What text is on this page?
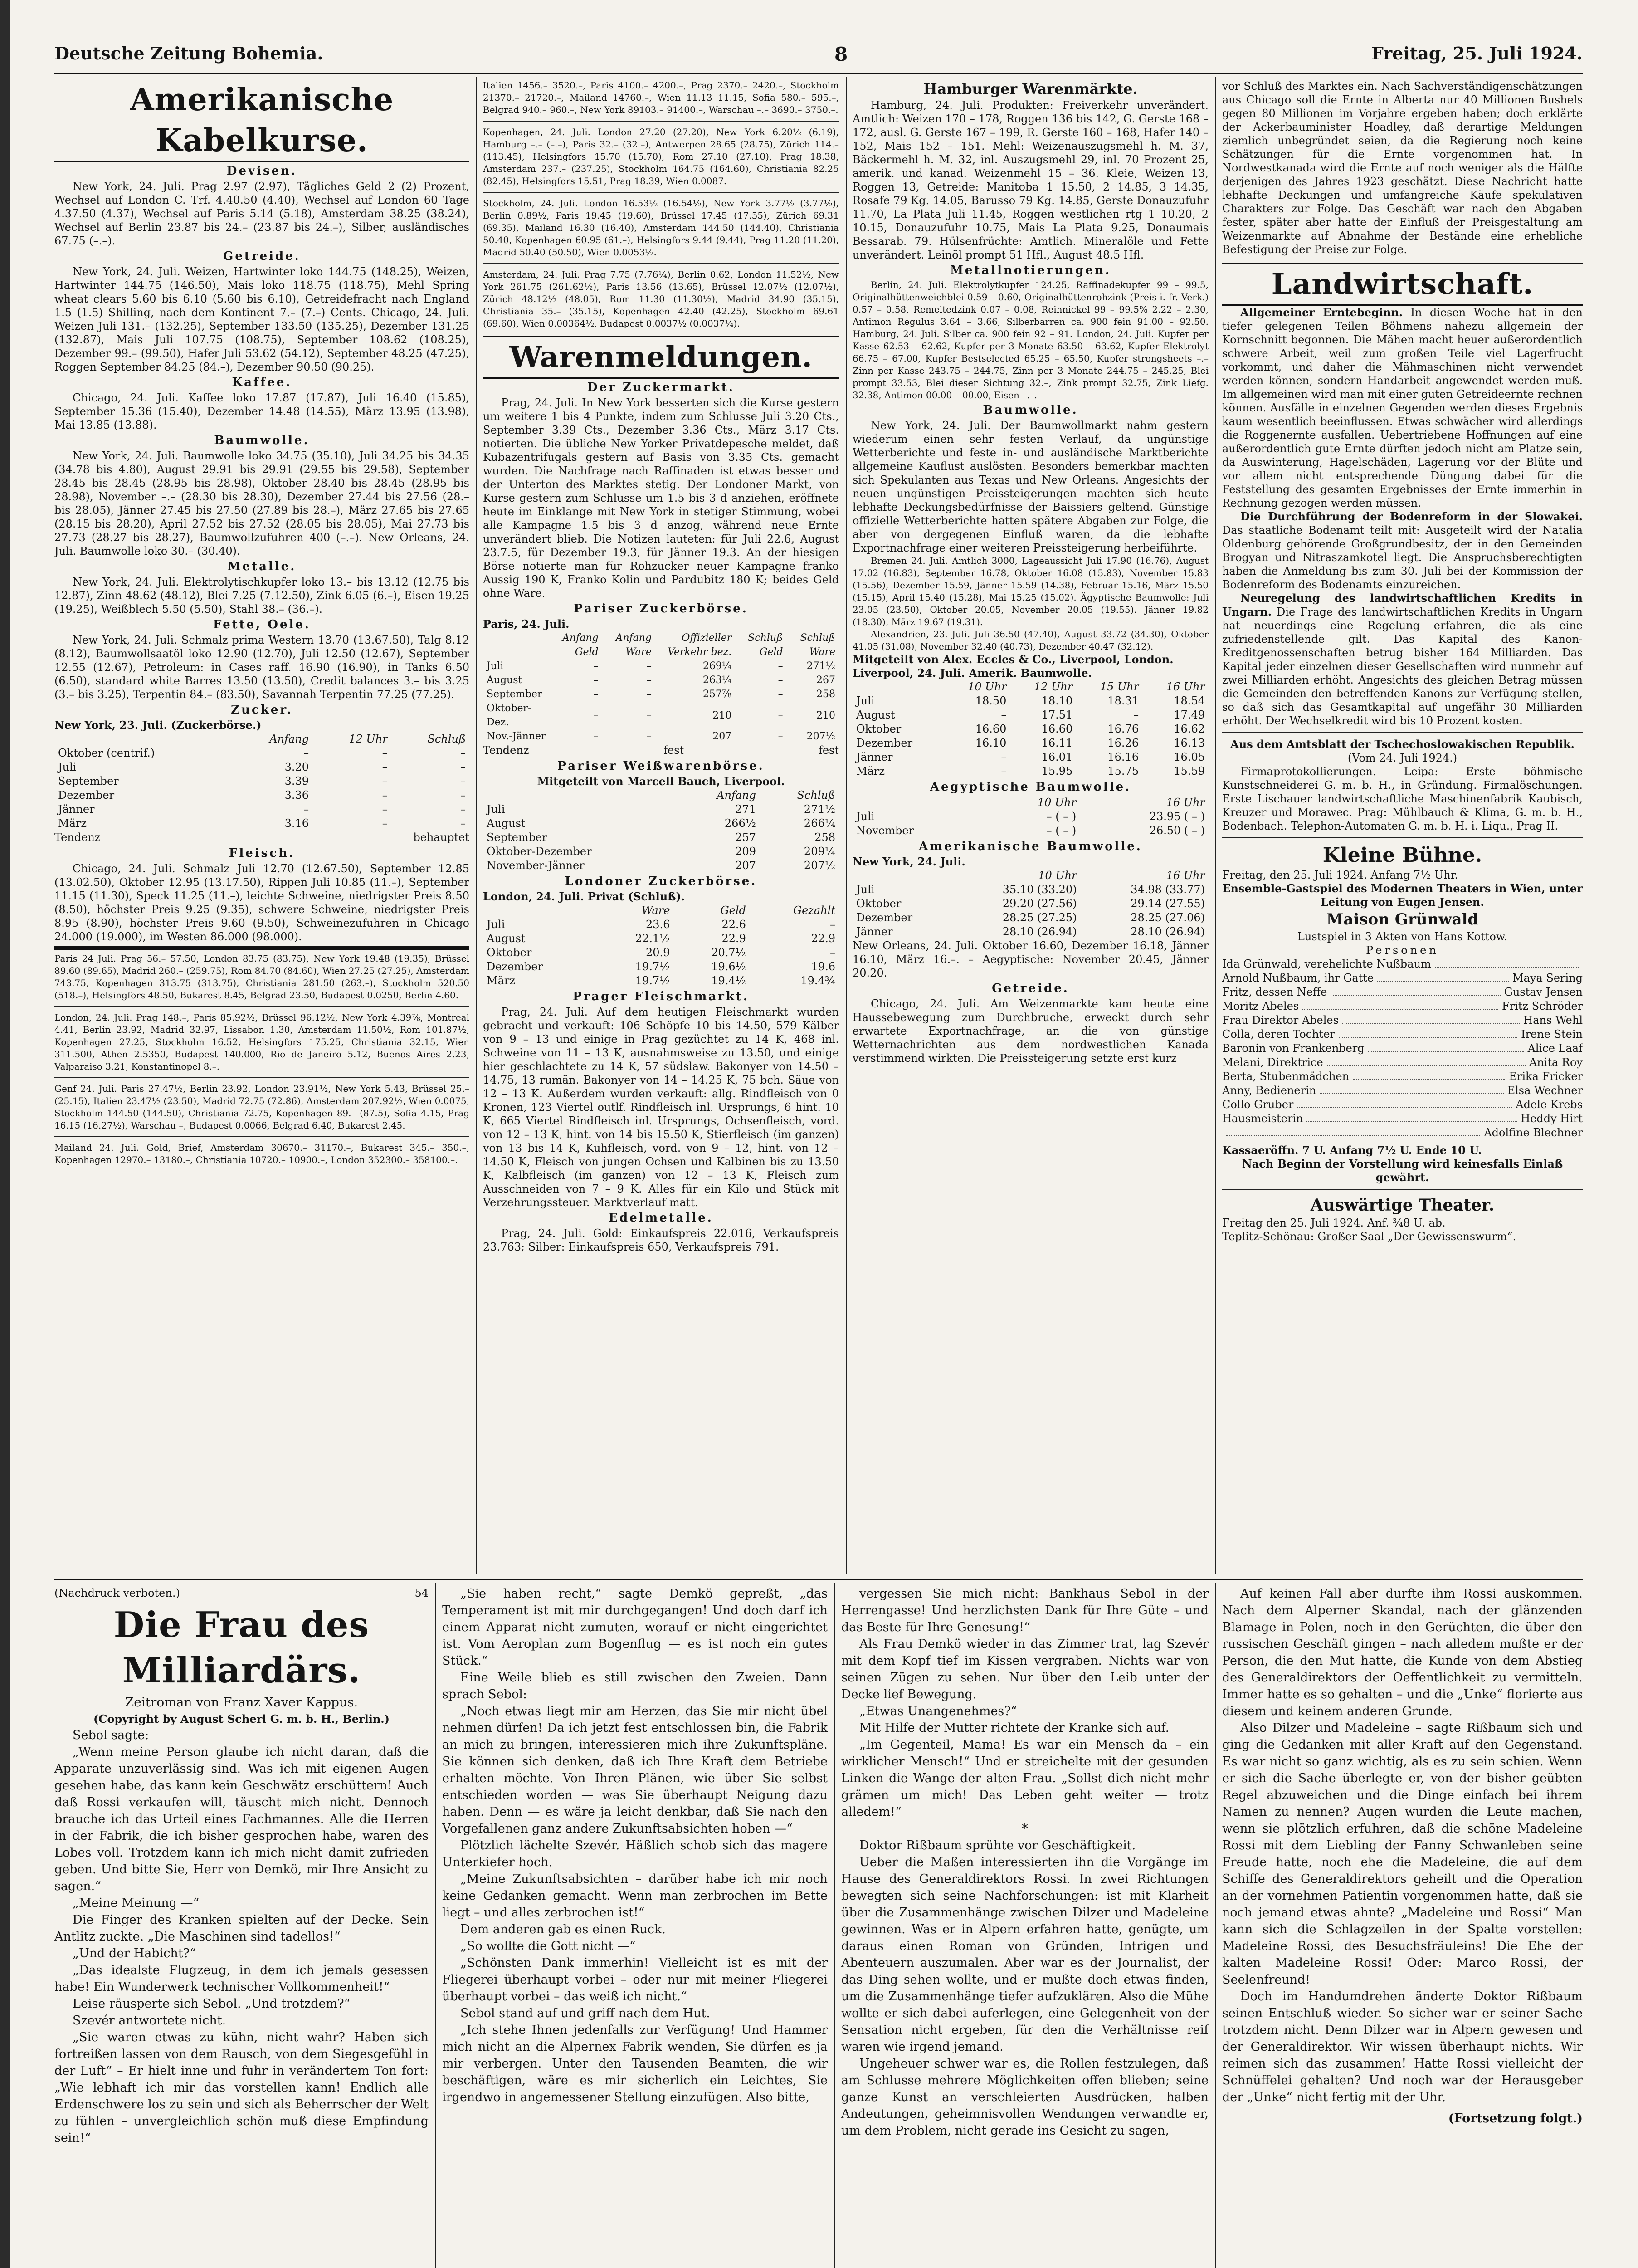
Deutsche Zeitung Bohemia.	8	Freitag, 25. Juli 1924.
Amerikanische Kabelkurse.
Devisen.

New York, 24. Juli. Prag 2.97 (2.97), Tägliches Geld 2 (2) Prozent, Wechsel auf London C. Trf. 4.40.50 (4.40), Wechsel auf London 60 Tage 4.37.50 (4.37), Wechsel auf Paris 5.14 (5.18), Amsterdam 38.25 (38.24), Wechsel auf Berlin 23.87 bis 24.– (23.87 bis 24.–), Silber, ausländisches 67.75 (–.–).

Getreide.

New York, 24. Juli. Weizen, Hartwinter loko 144.75 (148.25), Weizen, Hartwinter 144.75 (146.50), Mais loko 118.75 (118.75), Mehl Spring wheat clears 5.60 bis 6.10 (5.60 bis 6.10), Getreidefracht nach England 1.5 (1.5) Shilling, nach dem Kontinent 7.– (7.–) Cents. Chicago, 24. Juli. Weizen Juli 131.– (132.25), September 133.50 (135.25), Dezember 131.25 (132.87), Mais Juli 107.75 (108.75), September 108.62 (108.25), Dezember 99.– (99.50), Hafer Juli 53.62 (54.12), September 48.25 (47.25), Roggen September 84.25 (84.–), Dezember 90.50 (90.25).

Kaffee.

Chicago, 24. Juli. Kaffee loko 17.87 (17.87), Juli 16.40 (15.85), September 15.36 (15.40), Dezember 14.48 (14.55), März 13.95 (13.98), Mai 13.85 (13.88).

Baumwolle.

New York, 24. Juli. Baumwolle loko 34.75 (35.10), Juli 34.25 bis 34.35 (34.78 bis 4.80), August 29.91 bis 29.91 (29.55 bis 29.58), September 28.45 bis 28.45 (28.95 bis 28.98), Oktober 28.40 bis 28.45 (28.95 bis 28.98), November –.– (28.30 bis 28.30), Dezember 27.44 bis 27.56 (28.– bis 28.05), Jänner 27.45 bis 27.50 (27.89 bis 28.–), März 27.65 bis 27.65 (28.15 bis 28.20), April 27.52 bis 27.52 (28.05 bis 28.05), Mai 27.73 bis 27.73 (28.27 bis 28.27), Baumwollzufuhren 400 (–.–). New Orleans, 24. Juli. Baumwolle loko 30.– (30.40).

Metalle.

New York, 24. Juli. Elektrolytischkupfer loko 13.– bis 13.12 (12.75 bis 12.87), Zinn 48.62 (48.12), Blei 7.25 (7.12.50), Zink 6.05 (6.–), Eisen 19.25 (19.25), Weißblech 5.50 (5.50), Stahl 38.– (36.–).

Fette, Oele.

New York, 24. Juli. Schmalz prima Western 13.70 (13.67.50), Talg 8.12 (8.12), Baumwollsaatöl loko 12.90 (12.70), Juli 12.50 (12.67), September 12.55 (12.67), Petroleum: in Cases raff. 16.90 (16.90), in Tanks 6.50 (6.50), standard white Barres 13.50 (13.50), Credit balances 3.– bis 3.25 (3.– bis 3.25), Terpentin 84.– (83.50), Savannah Terpentin 77.25 (77.25).

Zucker.

New York, 23. Juli. (Zuckerbörse.)

	Anfang	12 Uhr	Schluß
Oktober (centrif.)	–	–	–
Juli	3.20	–	–
September	3.39	–	–
Dezember	3.36	–	–
Jänner	–	–	–
März	3.16	–	–
Tendenz	behauptet
Fleisch.

Chicago, 24. Juli. Schmalz Juli 12.70 (12.67.50), September 12.85 (13.02.50), Oktober 12.95 (13.17.50), Rippen Juli 10.85 (11.–), September 11.15 (11.30), Speck 11.25 (11.–), leichte Schweine, niedrigster Preis 8.50 (8.50), höchster Preis 9.25 (9.35), schwere Schweine, niedrigster Preis 8.95 (8.90), höchster Preis 9.60 (9.50), Schweinezufuhren in Chicago 24.000 (19.000), im Westen 86.000 (98.000).

Paris 24 Juli. Prag 56.– 57.50, London 83.75 (83.75), New York 19.48 (19.35), Brüssel 89.60 (89.65), Madrid 260.– (259.75), Rom 84.70 (84.60), Wien 27.25 (27.25), Amsterdam 743.75, Kopenhagen 313.75 (313.75), Christiania 281.50 (263.–), Stockholm 520.50 (518.–), Helsingfors 48.50, Bukarest 8.45, Belgrad 23.50, Budapest 0.0250, Berlin 4.60.

London, 24. Juli. Prag 148.–, Paris 85.92½, Brüssel 96.12½, New York 4.39⅞, Montreal 4.41, Berlin 23.92, Madrid 32.97, Lissabon 1.30, Amsterdam 11.50½, Rom 101.87½, Kopenhagen 27.25, Stockholm 16.52, Helsingfors 175.25, Christiania 32.15, Wien 311.500, Athen 2.5350, Budapest 140.000, Rio de Janeiro 5.12, Buenos Aires 2.23, Valparaiso 3.21, Konstantinopel 8.–.

Genf 24. Juli. Paris 27.47½, Berlin 23.92, London 23.91½, New York 5.43, Brüssel 25.– (25.15), Italien 23.47½ (23.50), Madrid 72.75 (72.86), Amsterdam 207.92½, Wien 0.0075, Stockholm 144.50 (144.50), Christiania 72.75, Kopenhagen 89.– (87.5), Sofia 4.15, Prag 16.15 (16.27½), Warschau –, Budapest 0.0066, Belgrad 6.40, Bukarest 2.45.

Mailand 24. Juli. Gold, Brief, Amsterdam 30670.– 31170.–, Bukarest 345.– 350.–, Kopenhagen 12970.– 13180.–, Christiania 10720.– 10900.–, London 352300.– 358100.–.

Italien 1456.– 3520.–, Paris 4100.– 4200.–, Prag 2370.– 2420.–, Stockholm 21370.– 21720.–, Mailand 14760.–, Wien 11.13 11.15, Sofia 580.– 595.–, Belgrad 940.– 960.–, New York 89103.– 91400.–, Warschau –.– 3690.– 3750.–.

Kopenhagen, 24. Juli. London 27.20 (27.20), New York 6.20½ (6.19), Hamburg –.– (–.–), Paris 32.– (32.–), Antwerpen 28.65 (28.75), Zürich 114.– (113.45), Helsingfors 15.70 (15.70), Rom 27.10 (27.10), Prag 18.38, Amsterdam 237.– (237.25), Stockholm 164.75 (164.60), Christiania 82.25 (82.45), Helsingfors 15.51, Prag 18.39, Wien 0.0087.

Stockholm, 24. Juli. London 16.53½ (16.54½), New York 3.77½ (3.77½), Berlin 0.89½, Paris 19.45 (19.60), Brüssel 17.45 (17.55), Zürich 69.31 (69.35), Mailand 16.30 (16.40), Amsterdam 144.50 (144.40), Christiania 50.40, Kopenhagen 60.95 (61.–), Helsingfors 9.44 (9.44), Prag 11.20 (11.20), Madrid 50.40 (50.50), Wien 0.0053½.

Amsterdam, 24. Juli. Prag 7.75 (7.76¼), Berlin 0.62, London 11.52½, New York 261.75 (261.62½), Paris 13.56 (13.65), Brüssel 12.07½ (12.07½), Zürich 48.12½ (48.05), Rom 11.30 (11.30½), Madrid 34.90 (35.15), Christiania 35.– (35.15), Kopenhagen 42.40 (42.25), Stockholm 69.61 (69.60), Wien 0.00364½, Budapest 0.0037½ (0.0037¼).

Warenmeldungen.
Der Zuckermarkt.

Prag, 24. Juli. In New York besserten sich die Kurse gestern um weitere 1 bis 4 Punkte, indem zum Schlusse Juli 3.20 Cts., September 3.39 Cts., Dezember 3.36 Cts., März 3.17 Cts. notierten. Die übliche New Yorker Privatdepesche meldet, daß Kubazentrifugals gestern auf Basis von 3.35 Cts. gemacht wurden. Die Nachfrage nach Raffinaden ist etwas besser und der Unterton des Marktes stetig. Der Londoner Markt, von Kurse gestern zum Schlusse um 1.5 bis 3 d anziehen, eröffnete heute im Einklange mit New York in stetiger Stimmung, wobei alle Kampagne 1.5 bis 3 d anzog, während neue Ernte unverändert blieb. Die Notizen lauteten: für Juli 22.6, August 23.7.5, für Dezember 19.3, für Jänner 19.3. An der hiesigen Börse notierte man für Rohzucker neuer Kampagne franko Aussig 190 K, Franko Kolin und Pardubitz 180 K; beides Geld ohne Ware.

Pariser Zuckerbörse.

Paris, 24. Juli.

	Anfang Geld	Anfang Ware	Offizieller Verkehr bez.	Schluß Geld	Schluß Ware
Juli	–	–	269¼	–	271½
August	–	–	263¼	–	267
September	–	–	257⅞	–	258
Oktober-Dez.	–	–	210	–	210
Nov.-Jänner	–	–	207	–	207½
Tendenz	fest	fest
Pariser Weißwarenbörse.

Mitgeteilt von Marcell Bauch, Liverpool.

	Anfang	Schluß
Juli	271	271½
August	266½	266¼
September	257	258
Oktober-Dezember	209	209¼
November-Jänner	207	207½
Londoner Zuckerbörse.

London, 24. Juli. Privat (Schluß).

	Ware	Geld	Gezahlt
Juli	23.6	22.6	–
August	22.1½	22.9	22.9
Oktober	20.9	20.7½	–
Dezember	19.7½	19.6½	19.6
März	19.7½	19.4½	19.4¾
Prager Fleischmarkt.

Prag, 24. Juli. Auf dem heutigen Fleischmarkt wurden gebracht und verkauft: 106 Schöpfe 10 bis 14.50, 579 Kälber von 9 – 13 und einige in Prag gezüchtet zu 14 K, 468 inl. Schweine von 11 – 13 K, ausnahmsweise zu 13.50, und einige hier geschlachtete zu 14 K, 57 südslaw. Bakonyer von 14.50 – 14.75, 13 rumän. Bakonyer von 14 – 14.25 K, 75 bch. Säue von 12 – 13 K. Außerdem wurden verkauft: allg. Rindfleisch von 0 Kronen, 123 Viertel outlf. Rindfleisch inl. Ursprungs, 6 hint. 10 K, 665 Viertel Rindfleisch inl. Ursprungs, Ochsenfleisch, vord. von 12 – 13 K, hint. von 14 bis 15.50 K, Stierfleisch (im ganzen) von 13 bis 14 K, Kuhfleisch, vord. von 9 – 12, hint. von 12 – 14.50 K, Fleisch von jungen Ochsen und Kalbinen bis zu 13.50 K, Kalbfleisch (im ganzen) von 12 – 13 K, Fleisch zum Ausschneiden von 7 – 9 K. Alles für ein Kilo und Stück mit Verzehrungssteuer. Marktverlauf matt.

Edelmetalle.

Prag, 24. Juli. Gold: Einkaufspreis 22.016, Verkaufspreis 23.763; Silber: Einkaufspreis 650, Verkaufspreis 791.

Hamburger Warenmärkte.

Hamburg, 24. Juli. Produkten: Freiverkehr unverändert. Amtlich: Weizen 170 – 178, Roggen 136 bis 142, G. Gerste 168 – 172, ausl. G. Gerste 167 – 199, R. Gerste 160 – 168, Hafer 140 – 152, Mais 152 – 151. Mehl: Weizenauszugsmehl h. M. 37, Bäckermehl h. M. 32, inl. Auszugsmehl 29, inl. 70 Prozent 25, amerik. und kanad. Weizenmehl 15 – 36. Kleie, Weizen 13, Roggen 13, Getreide: Manitoba 1 15.50, 2 14.85, 3 14.35, Rosafe 79 Kg. 14.05, Barusso 79 Kg. 14.85, Gerste Donauzufuhr 11.70, La Plata Juli 11.45, Roggen westlichen rtg 1 10.20, 2 10.15, Donauzufuhr 10.75, Mais La Plata 9.25, Donaumais Bessarab. 79. Hülsenfrüchte: Amtlich. Mineralöle und Fette unverändert. Leinöl prompt 51 Hfl., August 48.5 Hfl.

Metallnotierungen.

Berlin, 24. Juli. Elektrolytkupfer 124.25, Raffinadekupfer 99 – 99.5, Originalhüttenweichblei 0.59 – 0.60, Originalhüttenrohzink (Preis i. fr. Verk.) 0.57 – 0.58, Remeltedzink 0.07 – 0.08, Reinnickel 99 – 99.5% 2.22 – 2.30, Antimon Regulus 3.64 – 3.66, Silberbarren ca. 900 fein 91.00 – 92.50. Hamburg, 24. Juli. Silber ca. 900 fein 92 – 91. London, 24. Juli. Kupfer per Kasse 62.53 – 62.62, Kupfer per 3 Monate 63.50 – 63.62, Kupfer Elektrolyt 66.75 – 67.00, Kupfer Bestselected 65.25 – 65.50, Kupfer strongsheets –.– Zinn per Kasse 243.75 – 244.75, Zinn per 3 Monate 244.75 – 245.25, Blei prompt 33.53, Blei dieser Sichtung 32.–, Zink prompt 32.75, Zink Liefg. 32.38, Antimon 00.00 – 00.00, Eisen –.–.

Baumwolle.

New York, 24. Juli. Der Baumwollmarkt nahm gestern wiederum einen sehr festen Verlauf, da ungünstige Wetterberichte und feste in- und ausländische Marktberichte allgemeine Kauflust auslösten. Besonders bemerkbar machten sich Spekulanten aus Texas und New Orleans. Angesichts der neuen ungünstigen Preissteigerungen machten sich heute lebhafte Deckungsbedürfnisse der Baissiers geltend. Günstige offizielle Wetterberichte hatten spätere Abgaben zur Folge, die aber von dergegenen Einfluß waren, da die lebhafte Exportnachfrage einer weiteren Preissteigerung herbeiführte.

Bremen 24. Juli. Amtlich 3000, Lageaussicht Juli 17.90 (16.76), August 17.02 (16.83), September 16.78, Oktober 16.08 (15.83), November 15.83 (15.56), Dezember 15.59, Jänner 15.59 (14.38), Februar 15.16, März 15.50 (15.15), April 15.40 (15.28), Mai 15.25 (15.02). Ägyptische Baumwolle: Juli 23.05 (23.50), Oktober 20.05, November 20.05 (19.55). Jänner 19.82 (18.30), März 19.67 (19.31).

Alexandrien, 23. Juli. Juli 36.50 (47.40), August 33.72 (34.30), Oktober 41.05 (31.08), November 32.40 (40.73), Dezember 40.47 (32.12).

Mitgeteilt von Alex. Eccles & Co., Liverpool, London.

Liverpool, 24. Juli. Amerik. Baumwolle.

	10 Uhr	12 Uhr	15 Uhr	16 Uhr
Juli	18.50	18.10	18.31	18.54
August	–	17.51	–	17.49
Oktober	16.60	16.60	16.76	16.62
Dezember	16.10	16.11	16.26	16.13
Jänner	–	16.01	16.16	16.05
März	–	15.95	15.75	15.59
Aegyptische Baumwolle.
	10 Uhr	16 Uhr
Juli	– ( – )	23.95 ( – )
November	– ( – )	26.50 ( – )
Amerikanische Baumwolle.

New York, 24. Juli.

	10 Uhr	16 Uhr
Juli	35.10 (33.20)	34.98 (33.77)
Oktober	29.20 (27.56)	29.14 (27.55)
Dezember	28.25 (27.25)	28.25 (27.06)
Jänner	28.10 (26.94)	28.10 (26.94)

New Orleans, 24. Juli. Oktober 16.60, Dezember 16.18, Jänner 16.10, März 16.–. – Aegyptische: November 20.45, Jänner 20.20.

Getreide.

Chicago, 24. Juli. Am Weizenmarkte kam heute eine Haussebewegung zum Durchbruche, erweckt durch sehr erwartete Exportnachfrage, an die von günstige Wetternachrichten aus dem nordwestlichen Kanada verstimmend wirkten. Die Preissteigerung setzte erst kurz

vor Schluß des Marktes ein. Nach Sachverständigenschätzungen aus Chicago soll die Ernte in Alberta nur 40 Millionen Bushels gegen 80 Millionen im Vorjahre ergeben haben; doch erklärte der Ackerbauminister Hoadley, daß derartige Meldungen ziemlich unbegründet seien, da die Regierung noch keine Schätzungen für die Ernte vorgenommen hat. In Nordwestkanada wird die Ernte auf noch weniger als die Hälfte derjenigen des Jahres 1923 geschätzt. Diese Nachricht hatte lebhafte Deckungen und umfangreiche Käufe spekulativen Charakters zur Folge. Das Geschäft war nach den Abgaben fester, später aber hatte der Einfluß der Preisgestaltung am Weizenmarkte auf Abnahme der Bestände eine erhebliche Befestigung der Preise zur Folge.

Landwirtschaft.

Allgemeiner Erntebeginn. In diesen Woche hat in den tiefer gelegenen Teilen Böhmens nahezu allgemein der Kornschnitt begonnen. Die Mähen macht heuer außerordentlich schwere Arbeit, weil zum großen Teile viel Lagerfrucht vorkommt, und daher die Mähmaschinen nicht verwendet werden können, sondern Handarbeit angewendet werden muß. Im allgemeinen wird man mit einer guten Getreideernte rechnen können. Ausfälle in einzelnen Gegenden werden dieses Ergebnis kaum wesentlich beeinflussen. Etwas schwächer wird allerdings die Roggenernte ausfallen. Uebertriebene Hoffnungen auf eine außerordentlich gute Ernte dürften jedoch nicht am Platze sein, da Auswinterung, Hagelschäden, Lagerung vor der Blüte und vor allem nicht entsprechende Düngung dabei für die Feststellung des gesamten Ergebnisses der Ernte immerhin in Rechnung gezogen werden müssen.

Die Durchführung der Bodenreform in der Slowakei. Das staatliche Bodenamt teilt mit: Ausgeteilt wird der Natalia Oldenburg gehörende Großgrundbesitz, der in den Gemeinden Brogyan und Nitraszamkotel liegt. Die Anspruchsberechtigten haben die Anmeldung bis zum 30. Juli bei der Kommission der Bodenreform des Bodenamts einzureichen.

Neuregelung des landwirtschaftlichen Kredits in Ungarn. Die Frage des landwirtschaftlichen Kredits in Ungarn hat neuerdings eine Regelung erfahren, die als eine zufriedenstellende gilt. Das Kapital des Kanon-Kreditgenossenschaften betrug bisher 164 Milliarden. Das Kapital jeder einzelnen dieser Gesellschaften wird nunmehr auf zwei Milliarden erhöht. Angesichts des gleichen Betrag müssen die Gemeinden den betreffenden Kanons zur Verfügung stellen, so daß sich das Gesamtkapital auf ungefähr 30 Milliarden erhöht. Der Wechselkredit wird bis 10 Prozent kosten.

Aus dem Amtsblatt der Tschechoslowakischen Republik.

(Vom 24. Juli 1924.)

Firmaprotokollierungen. Leipa: Erste böhmische Kunstschneiderei G. m. b. H., in Gründung. Firmalöschungen. Erste Lischauer landwirtschaftliche Maschinenfabrik Kaubisch, Kreuzer und Morawec. Prag: Mühlbauch & Klima, G. m. b. H., Bodenbach. Telephon-Automaten G. m. b. H. i. Liqu., Prag II.

Kleine Bühne.

Freitag, den 25. Juli 1924. Anfang 7½ Uhr.

Ensemble-Gastspiel des Modernen Theaters in Wien, unter Leitung von Eugen Jensen.

Maison Grünwald

Lustspiel in 3 Akten von Hans Kottow.

Personen

Ida Grünwald, verehelichte Nußbaum
Arnold Nußbaum, ihr Gatte	Maya Sering
Fritz, dessen Neffe	Gustav Jensen
Moritz Abeles	Fritz Schröder
Frau Direktor Abeles	Hans Wehl
Colla, deren Tochter	Irene Stein
Baronin von Frankenberg	Alice Laaf
Melani, Direktrice	Anita Roy
Berta, Stubenmädchen	Erika Fricker
Anny, Bedienerin	Elsa Wechner
Collo Gruber	Adele Krebs
Hausmeisterin	Heddy Hirt
Adolfine Blechner

Kassaeröffn. 7 U. Anfang 7½ U. Ende 10 U.

Nach Beginn der Vorstellung wird keinesfalls Einlaß gewährt.

Auswärtige Theater.

Freitag den 25. Juli 1924. Anf. ¾8 U. ab.

Teplitz-Schönau: Großer Saal „Der Gewissenswurm“.

(Nachdruck verboten.)	54
Die Frau des Milliardärs.

Zeitroman von Franz Xaver Kappus.

(Copyright by August Scherl G. m. b. H., Berlin.)

Sebol sagte:

„Wenn meine Person glaube ich nicht daran, daß die Apparate unzuverlässig sind. Was ich mit eigenen Augen gesehen habe, das kann kein Geschwätz erschüttern! Auch daß Rossi verkaufen will, täuscht mich nicht. Dennoch brauche ich das Urteil eines Fachmannes. Alle die Herren in der Fabrik, die ich bisher gesprochen habe, waren des Lobes voll. Trotzdem kann ich mich nicht damit zufrieden geben. Und bitte Sie, Herr von Demkö, mir Ihre Ansicht zu sagen.“

„Meine Meinung —“

Die Finger des Kranken spielten auf der Decke. Sein Antlitz zuckte. „Die Maschinen sind tadellos!“

„Und der Habicht?“

„Das idealste Flugzeug, in dem ich jemals gesessen habe! Ein Wunderwerk technischer Vollkommenheit!“

Leise räusperte sich Sebol. „Und trotzdem?“

Szevér antwortete nicht.

„Sie waren etwas zu kühn, nicht wahr? Haben sich fortreißen lassen von dem Rausch, von dem Siegesgefühl in der Luft“ – Er hielt inne und fuhr in verändertem Ton fort: „Wie lebhaft ich mir das vorstellen kann! Endlich alle Erdenschwere los zu sein und sich als Beherrscher der Welt zu fühlen – unvergleichlich schön muß diese Empfindung sein!“

„Sie haben recht,“ sagte Demkö gepreßt, „das Temperament ist mit mir durchgegangen! Und doch darf ich einem Apparat nicht zumuten, worauf er nicht eingerichtet ist. Vom Aeroplan zum Bogenflug — es ist noch ein gutes Stück.“

Eine Weile blieb es still zwischen den Zweien. Dann sprach Sebol:

„Noch etwas liegt mir am Herzen, das Sie mir nicht übel nehmen dürfen! Da ich jetzt fest entschlossen bin, die Fabrik an mich zu bringen, interessieren mich ihre Zukunftspläne. Sie können sich denken, daß ich Ihre Kraft dem Betriebe erhalten möchte. Von Ihren Plänen, wie über Sie selbst entschieden worden — was Sie überhaupt Neigung dazu haben. Denn — es wäre ja leicht denkbar, daß Sie nach den Vorgefallenen ganz andere Zukunftsabsichten hoben —“

Plötzlich lächelte Szevér. Häßlich schob sich das magere Unterkiefer hoch.

„Meine Zukunftsabsichten – darüber habe ich mir noch keine Gedanken gemacht. Wenn man zerbrochen im Bette liegt – und alles zerbrochen ist!“

Dem anderen gab es einen Ruck.

„So wollte die Gott nicht —“

„Schönsten Dank immerhin! Vielleicht ist es mit der Fliegerei überhaupt vorbei – oder nur mit meiner Fliegerei überhaupt vorbei – das weiß ich nicht.“

Sebol stand auf und griff nach dem Hut.

„Ich stehe Ihnen jedenfalls zur Verfügung! Und Hammer mich nicht an die Alpernex Fabrik wenden, Sie dürfen es ja mir verbergen. Unter den Tausenden Beamten, die wir beschäftigen, wäre es mir sicherlich ein Leichtes, Sie irgendwo in angemessener Stellung einzufügen. Also bitte,

vergessen Sie mich nicht: Bankhaus Sebol in der Herrengasse! Und herzlichsten Dank für Ihre Güte – und das Beste für Ihre Genesung!“

Als Frau Demkö wieder in das Zimmer trat, lag Szevér mit dem Kopf tief im Kissen vergraben. Nichts war von seinen Zügen zu sehen. Nur über den Leib unter der Decke lief Bewegung.

„Etwas Unangenehmes?“

Mit Hilfe der Mutter richtete der Kranke sich auf.

„Im Gegenteil, Mama! Es war ein Mensch da – ein wirklicher Mensch!“ Und er streichelte mit der gesunden Linken die Wange der alten Frau. „Sollst dich nicht mehr grämen um mich! Das Leben geht weiter — trotz alledem!“

*

Doktor Rißbaum sprühte vor Geschäftigkeit.

Ueber die Maßen interessierten ihn die Vorgänge im Hause des Generaldirektors Rossi. In zwei Richtungen bewegten sich seine Nachforschungen: ist mit Klarheit über die Zusammenhänge zwischen Dilzer und Madeleine gewinnen. Was er in Alpern erfahren hatte, genügte, um daraus einen Roman von Gründen, Intrigen und Abenteuern auszumalen. Aber war es der Journalist, der das Ding sehen wollte, und er mußte doch etwas finden, um die Zusammenhänge tiefer aufzuklären. Also die Mühe wollte er sich dabei auferlegen, eine Gelegenheit von der Sensation nicht ergeben, für den die Verhältnisse reif waren wie irgend jemand.

Ungeheuer schwer war es, die Rollen festzulegen, daß am Schlusse mehrere Möglichkeiten offen blieben; seine ganze Kunst an verschleierten Ausdrücken, halben Andeutungen, geheimnisvollen Wendungen verwandte er, um dem Problem, nicht gerade ins Gesicht zu sagen,

Auf keinen Fall aber durfte ihm Rossi auskommen. Nach dem Alperner Skandal, nach der glänzenden Blamage in Polen, noch in den Gerüchten, die über den russischen Geschäft gingen – nach alledem mußte er der Person, die den Mut hatte, die Kunde von dem Abstieg des Generaldirektors der Oeffentlichkeit zu vermitteln. Immer hatte es so gehalten – und die „Unke“ florierte aus diesem und keinem anderen Grunde.

Also Dilzer und Madeleine – sagte Rißbaum sich und ging die Gedanken mit aller Kraft auf den Gegenstand. Es war nicht so ganz wichtig, als es zu sein schien. Wenn er sich die Sache überlegte er, von der bisher geübten Regel abzuweichen und die Dinge einfach bei ihrem Namen zu nennen? Augen wurden die Leute machen, wenn sie plötzlich erfuhren, daß die schöne Madeleine Rossi mit dem Liebling der Fanny Schwanleben seine Freude hatte, noch ehe die Madeleine, die auf dem Schiffe des Generaldirektors geheilt und die Operation an der vornehmen Patientin vorgenommen hatte, daß sie noch jemand etwas ahnte? „Madeleine und Rossi“ Man kann sich die Schlagzeilen in der Spalte vorstellen: Madeleine Rossi, des Besuchsfräuleins! Die Ehe der kalten Madeleine Rossi! Oder: Marco Rossi, der Seelenfreund!

Doch im Handumdrehen änderte Doktor Rißbaum seinen Entschluß wieder. So sicher war er seiner Sache trotzdem nicht. Denn Dilzer war in Alpern gewesen und der Generaldirektor. Wir wissen überhaupt nichts. Wir reimen sich das zusammen! Hatte Rossi vielleicht der Schnüffelei gehalten? Und noch war der Herausgeber der „Unke“ nicht fertig mit der Uhr.

(Fortsetzung folgt.)
